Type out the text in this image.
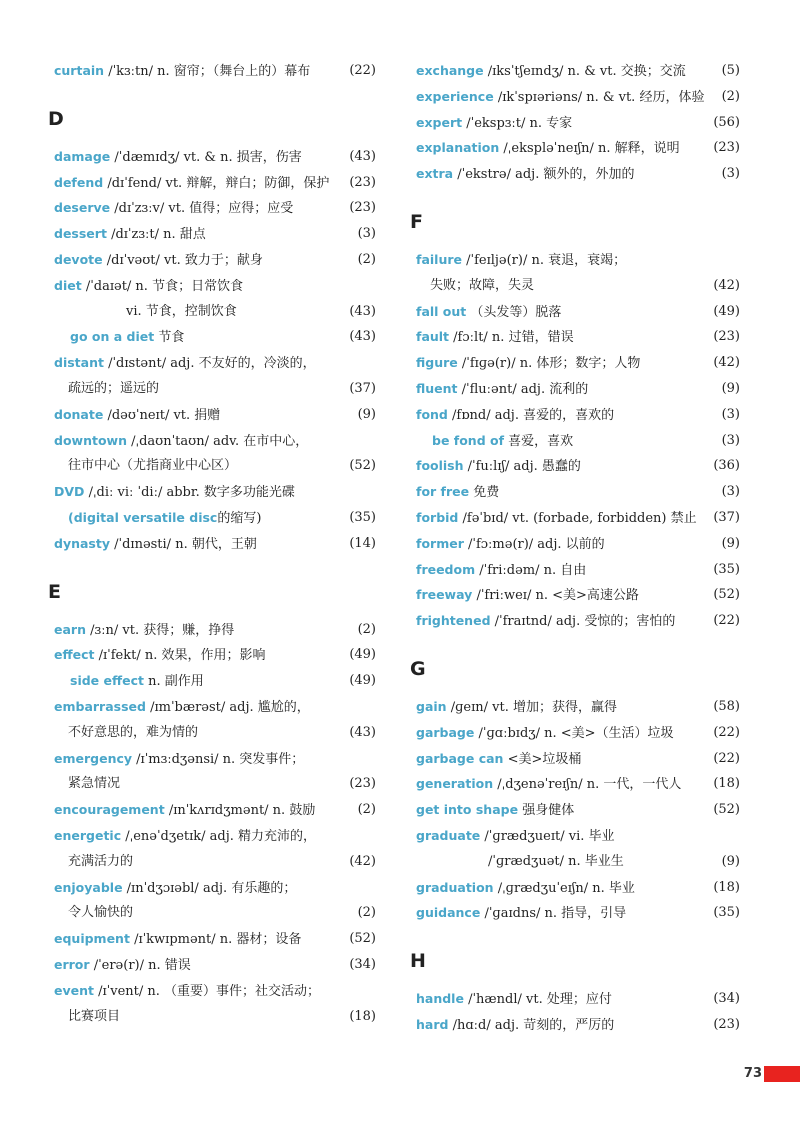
curtain /ˈkɜːtn/ n. 窗帘；（舞台上的）幕布	(22)
D
damage /ˈdæmɪdʒ/ vt. & n. 损害，伤害	(43)
defend /dɪˈfend/ vt. 辩解，辩白；防御，保护 (23)
deserve /dɪˈzɜːv/ vt. 值得；应得；应受	(23)
dessert /dɪˈzɜːt/ n. 甜点	(3)
devote /dɪˈvəʊt/ vt. 致力于；献身	(2)
diet /ˈdaɪət/ n. 节食；日常饮食
vi. 节食，控制饮食	(43)
go on a diet 节食	(43)
distant /ˈdɪstənt/ adj. 不友好的，冷淡的，
疏远的；遥远的	(37)
donate /dəʊˈneɪt/ vt. 捐赠	(9)
downtown /ˌdaʊnˈtaʊn/ adv. 在市中心，
往市中心（尤指商业中心区）	(52)
DVD /ˌdiː viː ˈdiː/ abbr. 数字多功能光碟
(digital versatile disc的缩写)	(35)
dynasty /ˈdɪnəsti/ n. 朝代，王朝	(14)
E
earn /ɜːn/ vt. 获得；赚，挣得	(2)
effect /ɪˈfekt/ n. 效果，作用；影响	(49)
side effect n. 副作用	(49)
embarrassed /ɪmˈbærəst/ adj. 尴尬的，
不好意思的，难为情的	(43)
emergency /ɪˈmɜːdʒənsi/ n. 突发事件；
紧急情况	(23)
encouragement /ɪnˈkʌrɪdʒmənt/ n. 鼓励	(2)
energetic /ˌenəˈdʒetɪk/ adj. 精力充沛的，
充满活力的	(42)
enjoyable /ɪnˈdʒɔɪəbl/ adj. 有乐趣的；
令人愉快的	(2)
equipment /ɪˈkwɪpmənt/ n. 器材；设备	(52)
error /ˈerə(r)/ n. 错误	(34)
event /ɪˈvent/ n. （重要）事件；社交活动；
比赛项目	(18)
exchange /ɪksˈtʃeɪndʒ/ n. & vt. 交换；交流	(5)
experience /ɪkˈspɪəriəns/ n. & vt. 经历，体验 (2)
expert /ˈekspɜːt/ n. 专家	(56)
explanation /ˌekspləˈneɪʃn/ n. 解释，说明	(23)
extra /ˈekstrə/ adj. 额外的，外加的	(3)
F
failure /ˈfeɪljə(r)/ n. 衰退，衰竭；
失败；故障，失灵	(42)
fall out （头发等）脱落	(49)
fault /fɔːlt/ n. 过错，错误	(23)
figure /ˈfɪɡə(r)/ n. 体形；数字；人物	(42)
fluent /ˈfluːənt/ adj. 流利的	(9)
fond /fɒnd/ adj. 喜爱的，喜欢的	(3)
be fond of 喜爱，喜欢	(3)
foolish /ˈfuːlɪʃ/ adj. 愚蠢的	(36)
for free 免费	(3)
forbid /fəˈbɪd/ vt. (forbade, forbidden) 禁止 (37)
former /ˈfɔːmə(r)/ adj. 以前的	(9)
freedom /ˈfriːdəm/ n. 自由	(35)
freeway /ˈfriːweɪ/ n. <美>高速公路	(52)
frightened /ˈfraɪtnd/ adj. 受惊的；害怕的	(22)
G
gain /ɡeɪn/ vt. 增加；获得，赢得	(58)
garbage /ˈɡɑːbɪdʒ/ n. <美>（生活）垃圾	(22)
garbage can <美>垃圾桶	(22)
generation /ˌdʒenəˈreɪʃn/ n. 一代，一代人 (18)
get into shape 强身健体	(52)
graduate /ˈɡrædʒueɪt/ vi. 毕业
/ˈɡrædʒuət/ n. 毕业生	(9)
graduation /ˌɡrædʒuˈeɪʃn/ n. 毕业	(18)
guidance /ˈɡaɪdns/ n. 指导，引导	(35)
H
handle /ˈhændl/ vt. 处理；应付	(34)
hard /hɑːd/ adj. 苛刻的，严厉的	(23)
73
